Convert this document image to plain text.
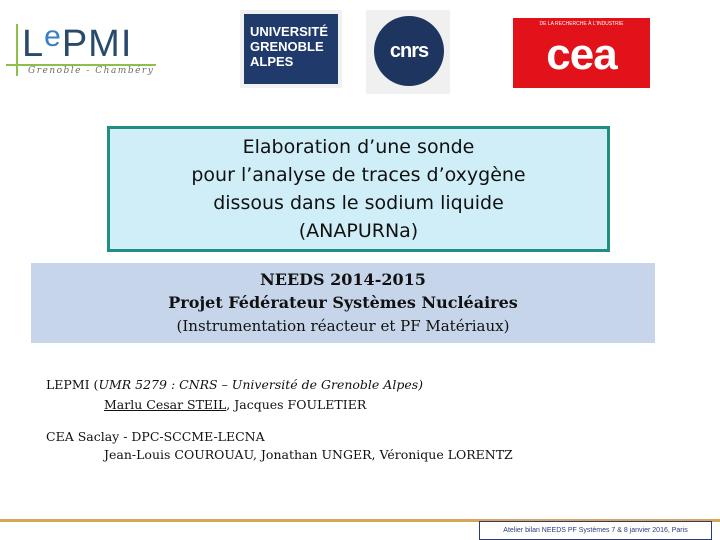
LePMI
Grenoble - Chambéry
UNIVERSITÉ
GRENOBLE
ALPES	cnrs
DE LA RECHERCHE À L'INDUSTRIE
cea
Elaboration d’une sonde
pour l’analyse de traces d’oxygène
dissous dans le sodium liquide
(ANAPURNa)
NEEDS 2014-2015
Projet Fédérateur Systèmes Nucléaires
(Instrumentation réacteur et PF Matériaux)
LEPMI (UMR 5279 : CNRS – Université de Grenoble Alpes)
Marlu Cesar STEIL, Jacques FOULETIER
CEA Saclay - DPC-SCCME-LECNA
Jean-Louis COUROUAU, Jonathan UNGER, Véronique LORENTZ
Atelier bilan NEEDS PF Systèmes 7 & 8 janvier 2016, Paris
